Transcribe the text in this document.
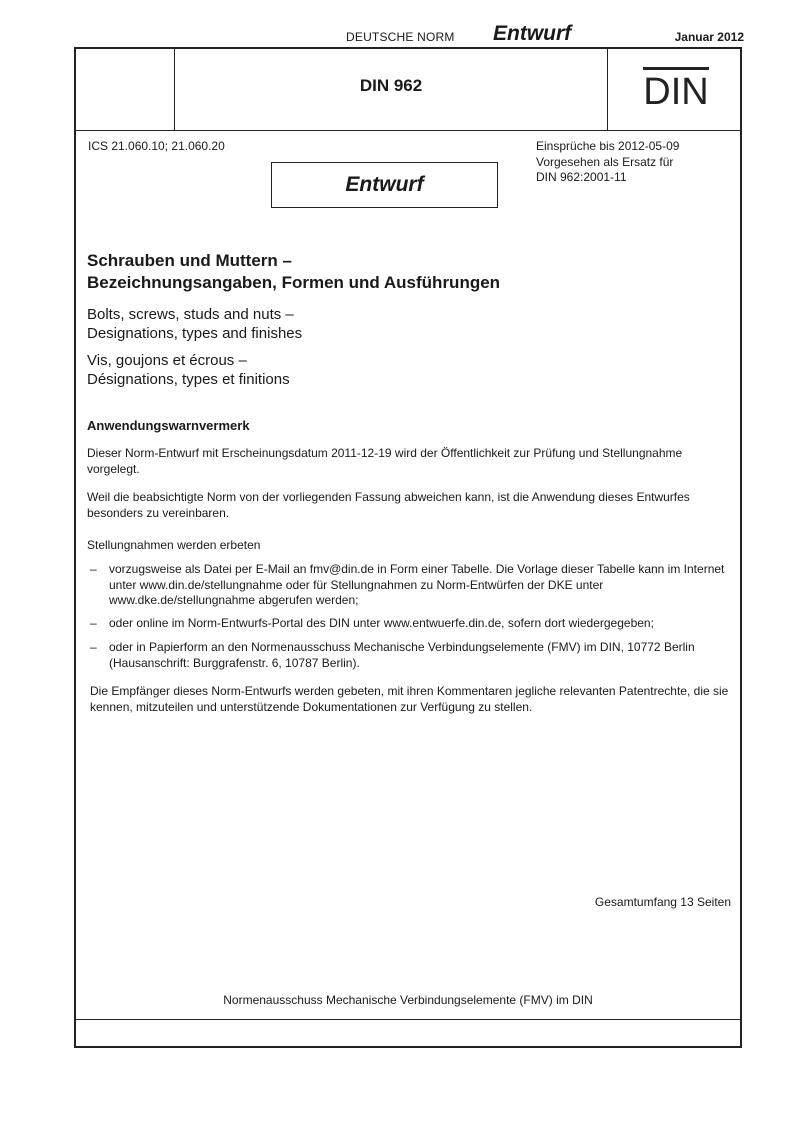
DEUTSCHE NORM Entwurf	Januar 2012
DIN 962	DIN
ICS 21.060.10; 21.060.20	Einsprüche bis 2012-05-09
Vorgesehen als Ersatz für
DIN 962:2001-11
Entwurf
Schrauben und Muttern –
Bezeichnungsangaben, Formen und Ausführungen
Bolts, screws, studs and nuts –
Designations, types and finishes
Vis, goujons et écrous –
Désignations, types et finitions
Anwendungswarnvermerk
Dieser Norm-Entwurf mit Erscheinungsdatum 2011-12-19 wird der Öffentlichkeit zur Prüfung und Stellungnahme vorgelegt.
Weil die beabsichtigte Norm von der vorliegenden Fassung abweichen kann, ist die Anwendung dieses Entwurfes besonders zu vereinbaren.
Stellungnahmen werden erbeten
– vorzugsweise als Datei per E-Mail an fmv@din.de in Form einer Tabelle. Die Vorlage dieser Tabelle kann im Internet unter www.din.de/stellungnahme oder für Stellungnahmen zu Norm-Entwürfen der DKE unter www.dke.de/stellungnahme abgerufen werden;
– oder online im Norm-Entwurfs-Portal des DIN unter www.entwuerfe.din.de, sofern dort wiedergegeben;
– oder in Papierform an den Normenausschuss Mechanische Verbindungselemente (FMV) im DIN, 10772 Berlin (Hausanschrift: Burggrafenstr. 6, 10787 Berlin).
Die Empfänger dieses Norm-Entwurfs werden gebeten, mit ihren Kommentaren jegliche relevanten Patentrechte, die sie kennen, mitzuteilen und unterstützende Dokumentationen zur Verfügung zu stellen.
Gesamtumfang 13 Seiten
Normenausschuss Mechanische Verbindungselemente (FMV) im DIN
